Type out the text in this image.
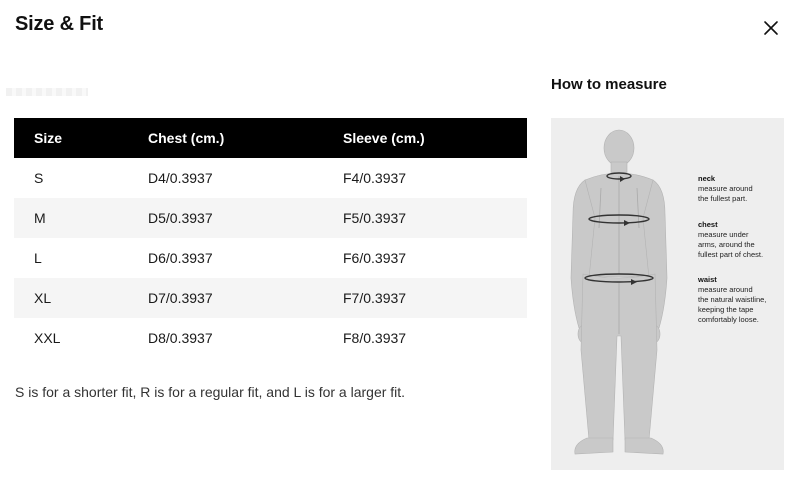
Size & Fit
Size	Chest (cm.)	Sleeve (cm.)
S	D4/0.3937	F4/0.3937
M	D5/0.3937	F5/0.3937
L	D6/0.3937	F6/0.3937
XL	D7/0.3937	F7/0.3937
XXL	D8/0.3937	F8/0.3937
S is for a shorter fit, R is for a regular fit, and L is for a larger fit.
How to measure
neck
measure around
the fullest part.
chest
measure under
arms, around the
fullest part of chest.
waist
measure around
the natural waistline,
keeping the tape
comfortably loose.
